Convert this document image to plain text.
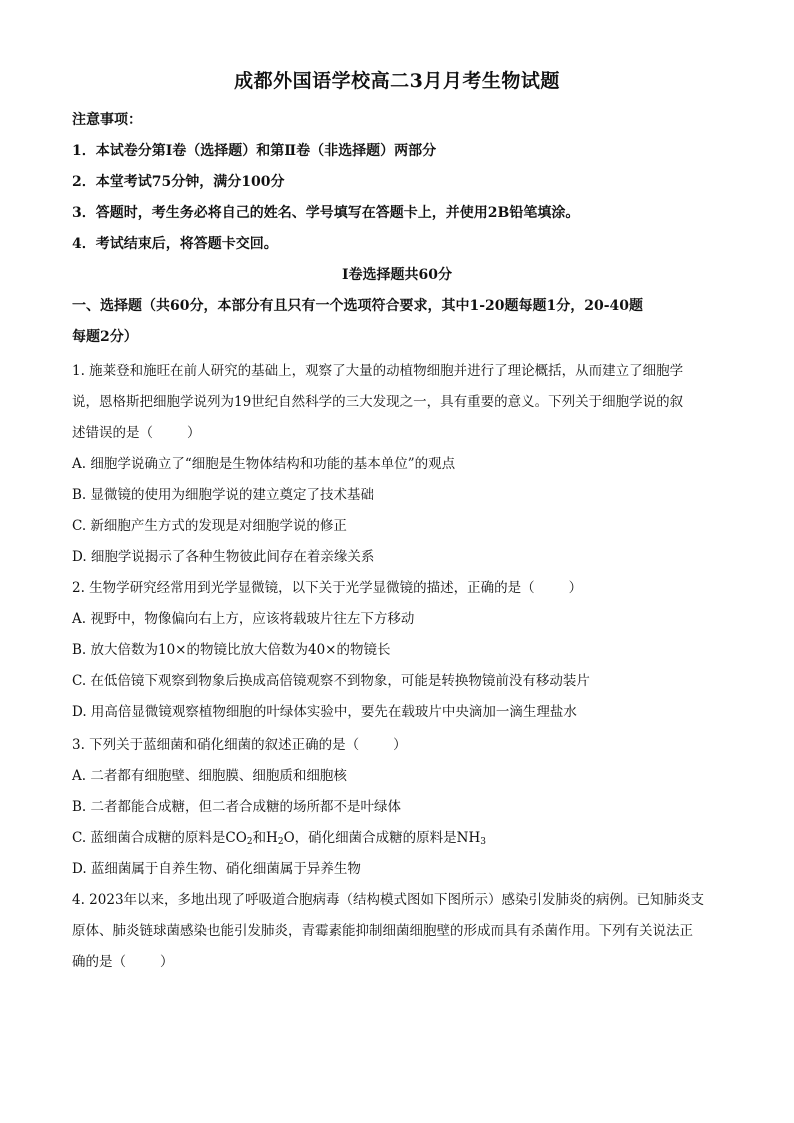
成都外国语学校高二3月月考生物试题
注意事项：
1．本试卷分第Ⅰ卷（选择题）和第Ⅱ卷（非选择题）两部分
2．本堂考试75分钟，满分100分
3．答题时，考生务必将自己的姓名、学号填写在答题卡上，并使用2B铅笔填涂。
4．考试结束后，将答题卡交回。
Ⅰ卷选择题共60分
一、选择题（共60分，本部分有且只有一个选项符合要求，其中1-20题每题1分，20-40题
每题2分）
1. 施莱登和施旺在前人研究的基础上，观察了大量的动植物细胞并进行了理论概括，从而建立了细胞学
说，恩格斯把细胞学说列为19世纪自然科学的三大发现之一，具有重要的意义。下列关于细胞学说的叙
述错误的是（	）
A. 细胞学说确立了“细胞是生物体结构和功能的基本单位”的观点
B. 显微镜的使用为细胞学说的建立奠定了技术基础
C. 新细胞产生方式的发现是对细胞学说的修正
D. 细胞学说揭示了各种生物彼此间存在着亲缘关系
2. 生物学研究经常用到光学显微镜，以下关于光学显微镜的描述，正确的是（	）
A. 视野中，物像偏向右上方，应该将载玻片往左下方移动
B. 放大倍数为10×的物镜比放大倍数为40×的物镜长
C. 在低倍镜下观察到物象后换成高倍镜观察不到物象，可能是转换物镜前没有移动装片
D. 用高倍显微镜观察植物细胞的叶绿体实验中，要先在载玻片中央滴加一滴生理盐水
3. 下列关于蓝细菌和硝化细菌的叙述正确的是（	）
A. 二者都有细胞壁、细胞膜、细胞质和细胞核
B. 二者都能合成糖，但二者合成糖的场所都不是叶绿体
C. 蓝细菌合成糖的原料是$CO_2$和$H_2O$，硝化细菌合成糖的原料是$NH_3$
D. 蓝细菌属于自养生物、硝化细菌属于异养生物
4. 2023年以来，多地出现了呼吸道合胞病毒（结构模式图如下图所示）感染引发肺炎的病例。已知肺炎支
原体、肺炎链球菌感染也能引发肺炎，青霉素能抑制细菌细胞壁的形成而具有杀菌作用。下列有关说法正
确的是（	）
